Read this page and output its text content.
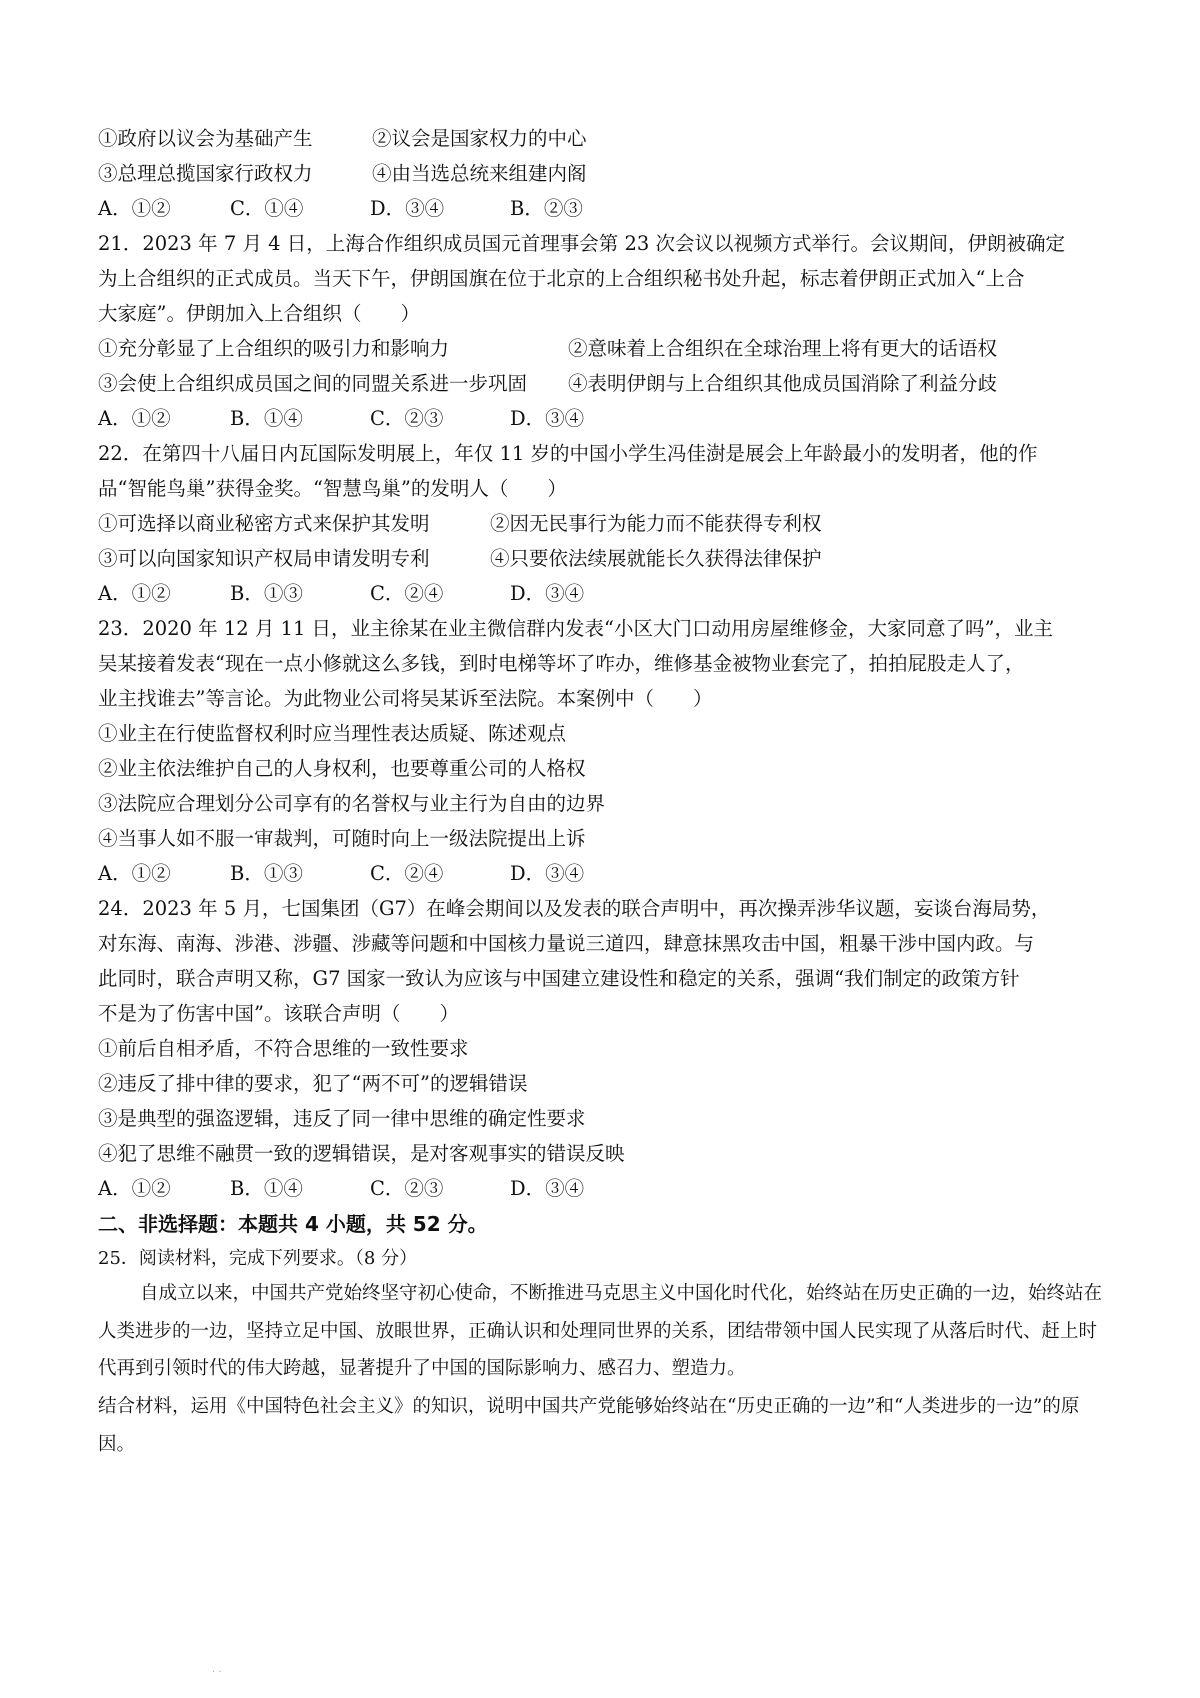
①政府以议会为基础产生	②议会是国家权力的中心
③总理总揽国家行政权力	④由当选总统来组建内阁
A．①②	C．①④	D．③④	B．②③
21．2023 年 7 月 4 日，上海合作组织成员国元首理事会第 23 次会议以视频方式举行。会议期间，伊朗被确定
为上合组织的正式成员。当天下午，伊朗国旗在位于北京的上合组织秘书处升起，标志着伊朗正式加入“上合
大家庭”。伊朗加入上合组织（　　）
①充分彰显了上合组织的吸引力和影响力	②意味着上合组织在全球治理上将有更大的话语权
③会使上合组织成员国之间的同盟关系进一步巩固 ④表明伊朗与上合组织其他成员国消除了利益分歧
A．①②	B．①④	C．②③	D．③④
22．在第四十八届日内瓦国际发明展上，年仅 11 岁的中国小学生冯佳澍是展会上年龄最小的发明者，他的作
品“智能鸟巢”获得金奖。“智慧鸟巢”的发明人（　　）
①可选择以商业秘密方式来保护其发明	②因无民事行为能力而不能获得专利权
③可以向国家知识产权局申请发明专利	④只要依法续展就能长久获得法律保护
A．①②	B．①③	C．②④	D．③④
23．2020 年 12 月 11 日，业主徐某在业主微信群内发表“小区大门口动用房屋维修金，大家同意了吗”，业主
吴某接着发表“现在一点小修就这么多钱，到时电梯等坏了咋办，维修基金被物业套完了，拍拍屁股走人了，
业主找谁去”等言论。为此物业公司将吴某诉至法院。本案例中（　　）
①业主在行使监督权利时应当理性表达质疑、陈述观点
②业主依法维护自己的人身权利，也要尊重公司的人格权
③法院应合理划分公司享有的名誉权与业主行为自由的边界
④当事人如不服一审裁判，可随时向上一级法院提出上诉
A．①②	B．①③	C．②④	D．③④
24．2023 年 5 月，七国集团（G7）在峰会期间以及发表的联合声明中，再次操弄涉华议题，妄谈台海局势，
对东海、南海、涉港、涉疆、涉藏等问题和中国核力量说三道四，肆意抹黑攻击中国，粗暴干涉中国内政。与
此同时，联合声明又称，G7 国家一致认为应该与中国建立建设性和稳定的关系，强调“我们制定的政策方针
不是为了伤害中国”。该联合声明（　　）
①前后自相矛盾，不符合思维的一致性要求
②违反了排中律的要求，犯了“两不可”的逻辑错误
③是典型的强盗逻辑，违反了同一律中思维的确定性要求
④犯了思维不融贯一致的逻辑错误，是对客观事实的错误反映
A．①②	B．①④	C．②③	D．③④
二、非选择题：本题共 4 小题，共 52 分。
25．阅读材料，完成下列要求。（8 分）
自成立以来，中国共产党始终坚守初心使命，不断推进马克思主义中国化时代化，始终站在历史正确的一边，始终站在人类进步的一边，坚持立足中国、放眼世界，正确认识和处理同世界的关系，团结带领中国人民实现了从落后时代、赶上时代再到引领时代的伟大跨越，显著提升了中国的国际影响力、感召力、塑造力。
结合材料，运用《中国特色社会主义》的知识，说明中国共产党能够始终站在“历史正确的一边”和“人类进步的一边”的原因。
· ·
